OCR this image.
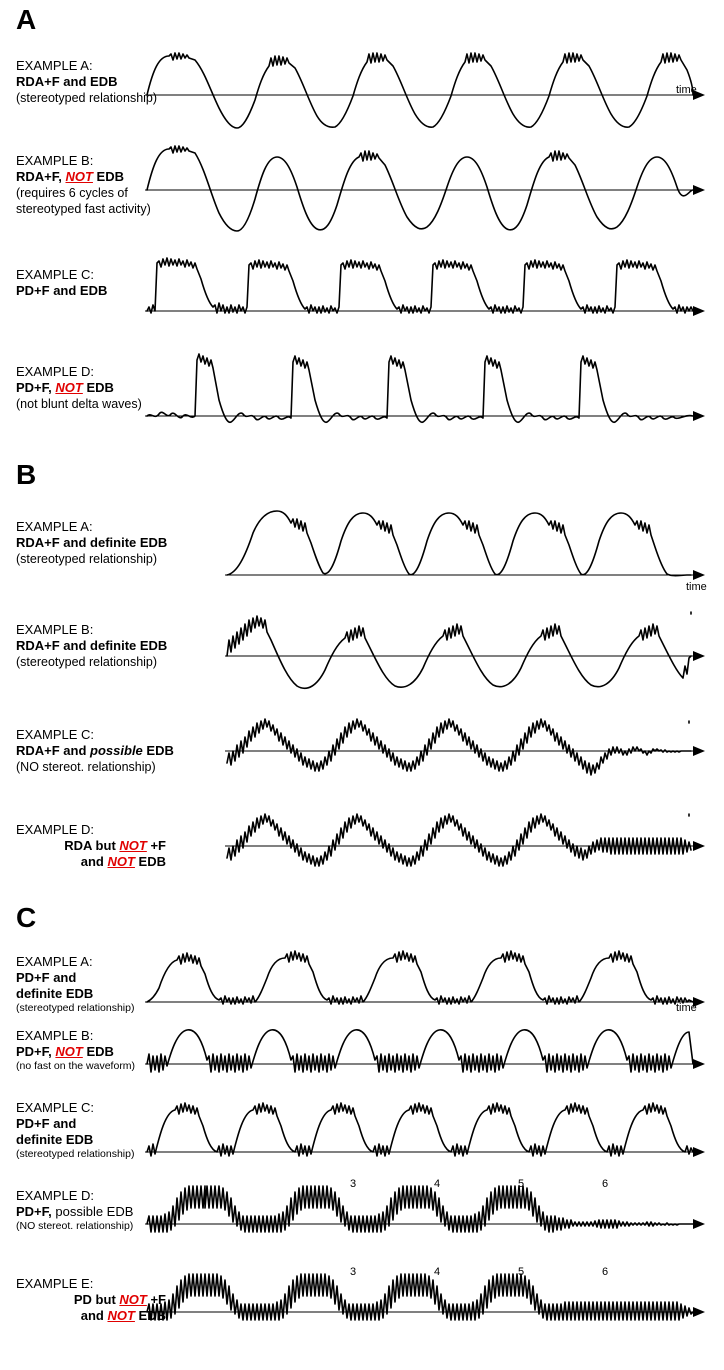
A
EXAMPLE A:
RDA+F and EDB
(stereotyped relationship)
time
EXAMPLE B:
RDA+F, NOT EDB
(requires 6 cycles of stereotyped fast activity)
EXAMPLE C:
PD+F and EDB
EXAMPLE D:
PD+F, NOT EDB
(not blunt delta waves)
B
EXAMPLE A:
RDA+F and definite EDB
(stereotyped relationship)
time
EXAMPLE B:
RDA+F and definite EDB
(stereotyped relationship)
EXAMPLE C:
RDA+F and possible EDB
(NO stereot. relationship)
EXAMPLE D:
RDA but NOT +F
and NOT EDB
C
EXAMPLE A:
PD+F and
definite EDB
(stereotyped relationship)	time
EXAMPLE B:
PD+F, NOT EDB
(no fast on the waveform)
EXAMPLE C:
PD+F and
definite EDB
(stereotyped relationship)
EXAMPLE D:
PD+F, possible EDB
(NO stereot. relationship)
3	4	5	6
EXAMPLE E:
PD but NOT +F
and NOT EDB
3	4	5	6
